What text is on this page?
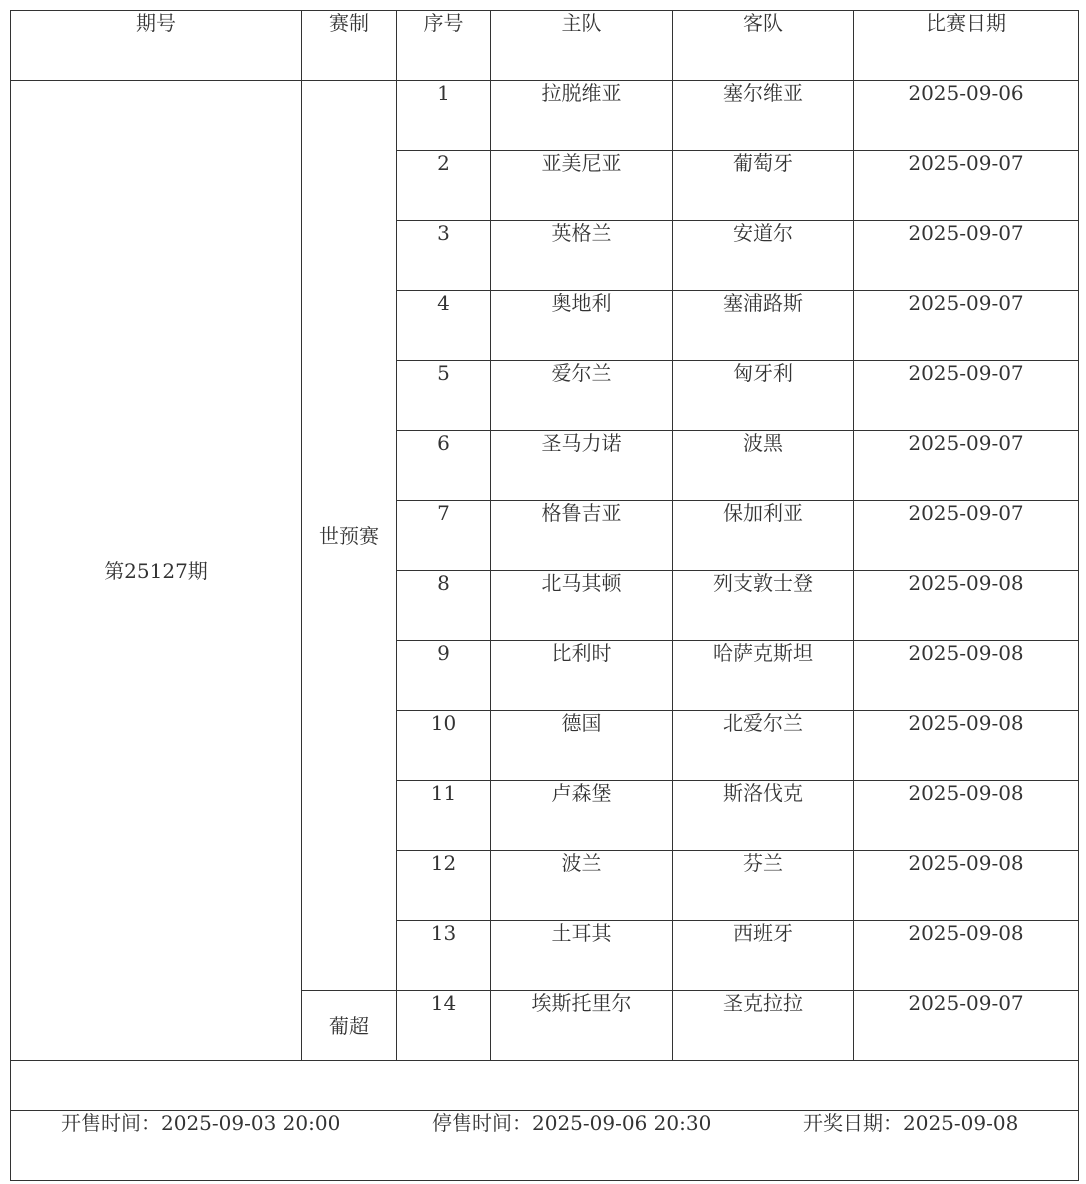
期号	赛制	序号	主队	客队	比赛日期
第25127期	世预赛	1	拉脱维亚	塞尔维亚	2025-09-06
		2	亚美尼亚	葡萄牙	2025-09-07
		3	英格兰	安道尔	2025-09-07
		4	奥地利	塞浦路斯	2025-09-07
		5	爱尔兰	匈牙利	2025-09-07
		6	圣马力诺	波黑	2025-09-07
		7	格鲁吉亚	保加利亚	2025-09-07
		8	北马其顿	列支敦士登	2025-09-08
		9	比利时	哈萨克斯坦	2025-09-08
		10	德国	北爱尔兰	2025-09-08
		11	卢森堡	斯洛伐克	2025-09-08
		12	波兰	芬兰	2025-09-08
		13	土耳其	西班牙	2025-09-08
	葡超	14	埃斯托里尔	圣克拉拉	2025-09-07

开售时间：2025-09-03 20:00 停售时间：2025-09-06 20:30 开奖日期：2025-09-08					
